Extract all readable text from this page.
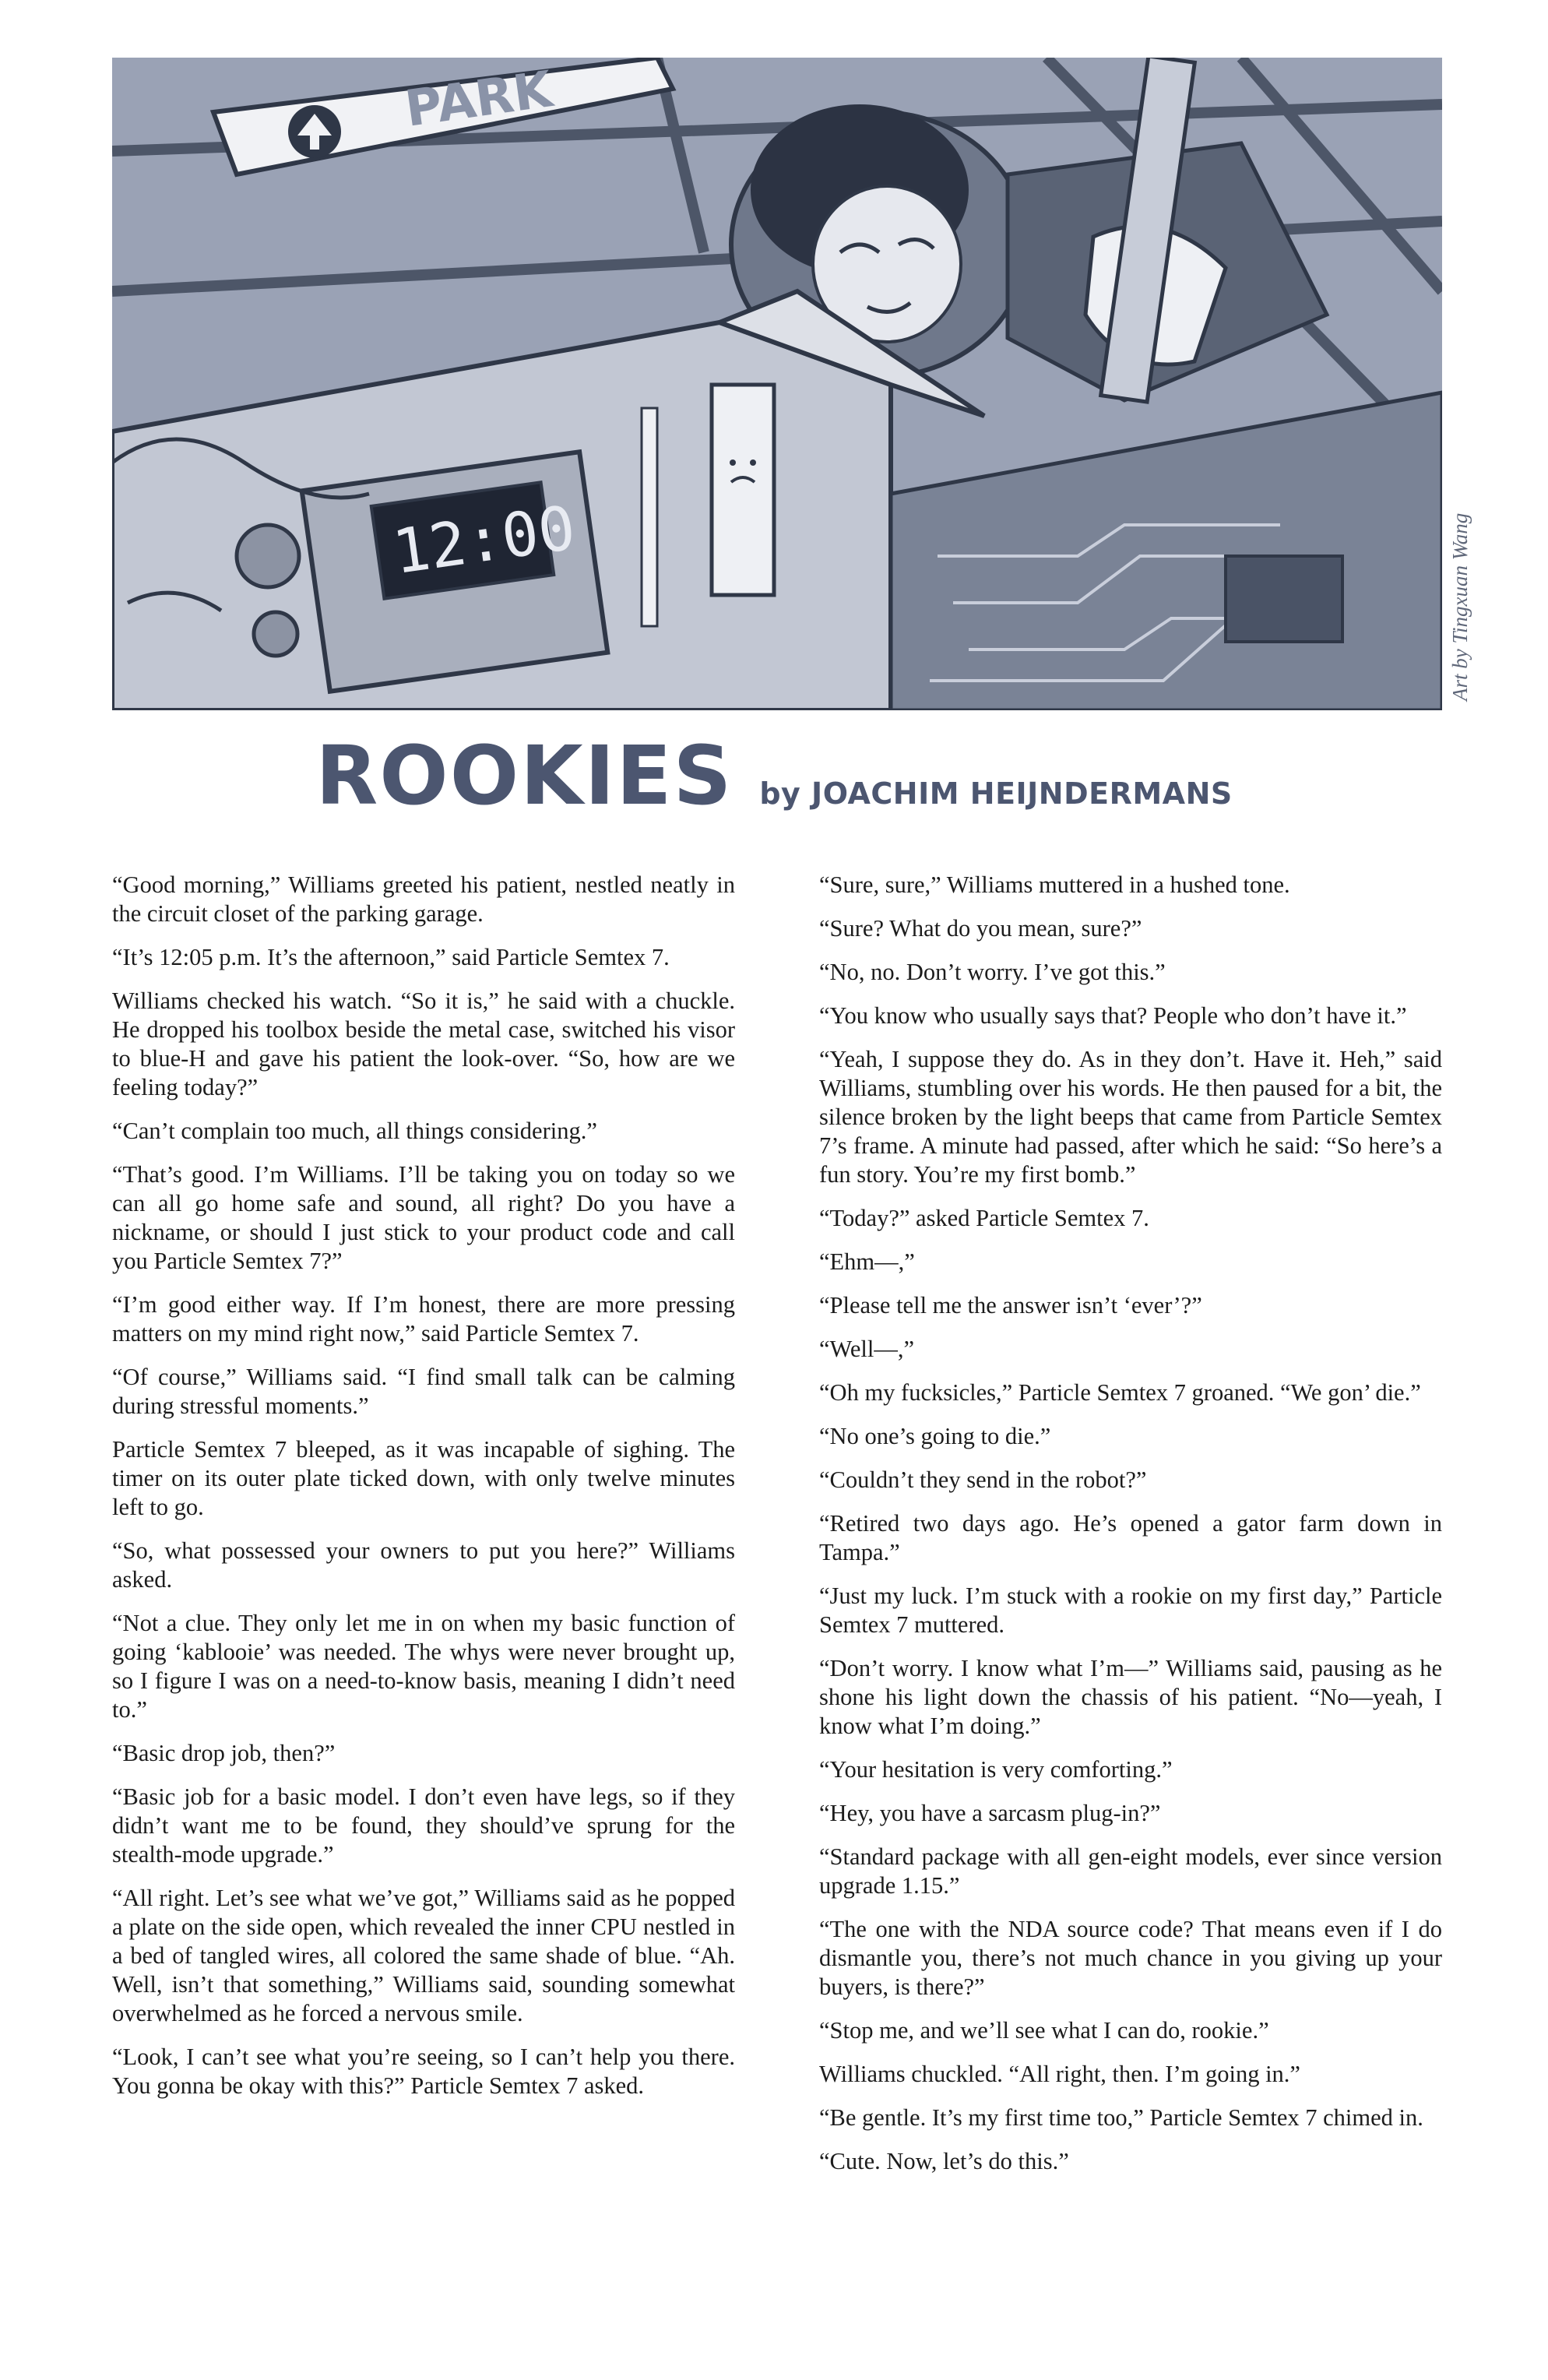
PARK
12:00	Art by Tingxuan Wang
ROOKIES by JOACHIM HEIJNDERMANS

“Good morning,” Williams greeted his patient, nestled neatly in the circuit closet of the parking garage.

“It’s 12:05 p.m. It’s the afternoon,” said Particle Semtex 7.

Williams checked his watch. “So it is,” he said with a chuckle. He dropped his toolbox beside the metal case, switched his visor to blue-H and gave his patient the look-over. “So, how are we feeling today?”

“Can’t complain too much, all things considering.”

“That’s good. I’m Williams. I’ll be taking you on today so we can all go home safe and sound, all right? Do you have a nickname, or should I just stick to your product code and call you Particle Semtex 7?”

“I’m good either way. If I’m honest, there are more pressing matters on my mind right now,” said Particle Semtex 7.

“Of course,” Williams said. “I find small talk can be calming during stressful moments.”

Particle Semtex 7 bleeped, as it was incapable of sighing. The timer on its outer plate ticked down, with only twelve minutes left to go.

“So, what possessed your owners to put you here?” Williams asked.

“Not a clue. They only let me in on when my basic function of going ‘kablooie’ was needed. The whys were never brought up, so I figure I was on a need-to-know basis, meaning I didn’t need to.”

“Basic drop job, then?”

“Basic job for a basic model. I don’t even have legs, so if they didn’t want me to be found, they should’ve sprung for the stealth-mode upgrade.”

“All right. Let’s see what we’ve got,” Williams said as he popped a plate on the side open, which revealed the inner CPU nestled in a bed of tangled wires, all colored the same shade of blue. “Ah. Well, isn’t that something,” Williams said, sounding somewhat overwhelmed as he forced a nervous smile.

“Look, I can’t see what you’re seeing, so I can’t help you there. You gonna be okay with this?” Particle Semtex 7 asked.

“Sure, sure,” Williams muttered in a hushed tone.

“Sure? What do you mean, sure?”

“No, no. Don’t worry. I’ve got this.”

“You know who usually says that? People who don’t have it.”

“Yeah, I suppose they do. As in they don’t. Have it. Heh,” said Williams, stumbling over his words. He then paused for a bit, the silence broken by the light beeps that came from Particle Semtex 7’s frame. A minute had passed, after which he said: “So here’s a fun story. You’re my first bomb.”

“Today?” asked Particle Semtex 7.

“Ehm—,”

“Please tell me the answer isn’t ‘ever’?”

“Well—,”

“Oh my fucksicles,” Particle Semtex 7 groaned. “We gon’ die.”

“No one’s going to die.”

“Couldn’t they send in the robot?”

“Retired two days ago. He’s opened a gator farm down in Tampa.”

“Just my luck. I’m stuck with a rookie on my first day,” Particle Semtex 7 muttered.

“Don’t worry. I know what I’m—” Williams said, pausing as he shone his light down the chassis of his patient. “No—yeah, I know what I’m doing.”

“Your hesitation is very comforting.”

“Hey, you have a sarcasm plug-in?”

“Standard package with all gen-eight models, ever since version upgrade 1.15.”

“The one with the NDA source code? That means even if I do dismantle you, there’s not much chance in you giving up your buyers, is there?”

“Stop me, and we’ll see what I can do, rookie.”

Williams chuckled. “All right, then. I’m going in.”

“Be gentle. It’s my first time too,” Particle Semtex 7 chimed in.

“Cute. Now, let’s do this.”
